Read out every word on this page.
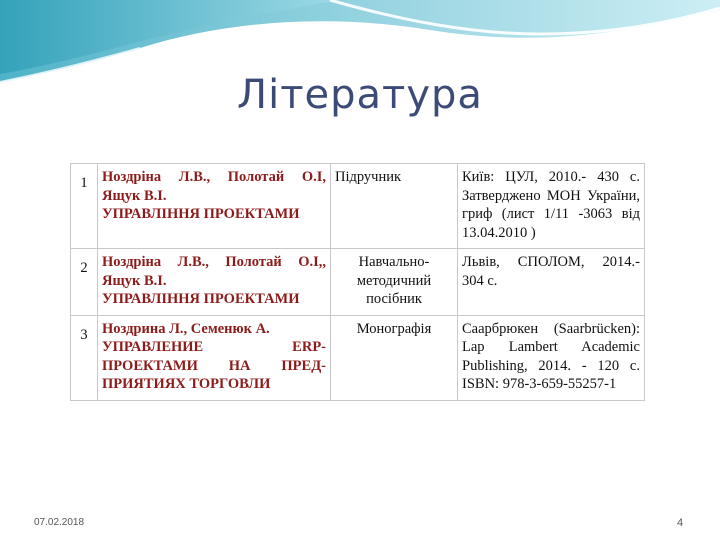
Література
1	Ноздріна Л.В., Полотай О.І,
Ящук В.І.
УПРАВЛІННЯ ПРОЕКТАМИ	Підручник	Київ: ЦУЛ, 2010.- 430 с.
Затверджено МОН України,
гриф (лист 1/11 -3063 від
13.04.2010 )

2	Ноздріна Л.В., Полотай О.І,,
Ящук В.І.
УПРАВЛІННЯ ПРОЕКТАМИ	Навчально-
методичний
посібник	Львів, СПОЛОМ, 2014.-
304 с.

3	Ноздрина Л., Семенюк А.
УПРАВЛЕНИЕ ERP-
ПРОЕКТАМИ НА ПРЕД-
ПРИЯТИЯХ ТОРГОВЛИ	Монографія	Саарбрюкен (Saarbrücken):
Lap Lambert Academic
Publishing, 2014. - 120 с.
ISBN: 978-3-659-55257-1
07.02.2018	4
